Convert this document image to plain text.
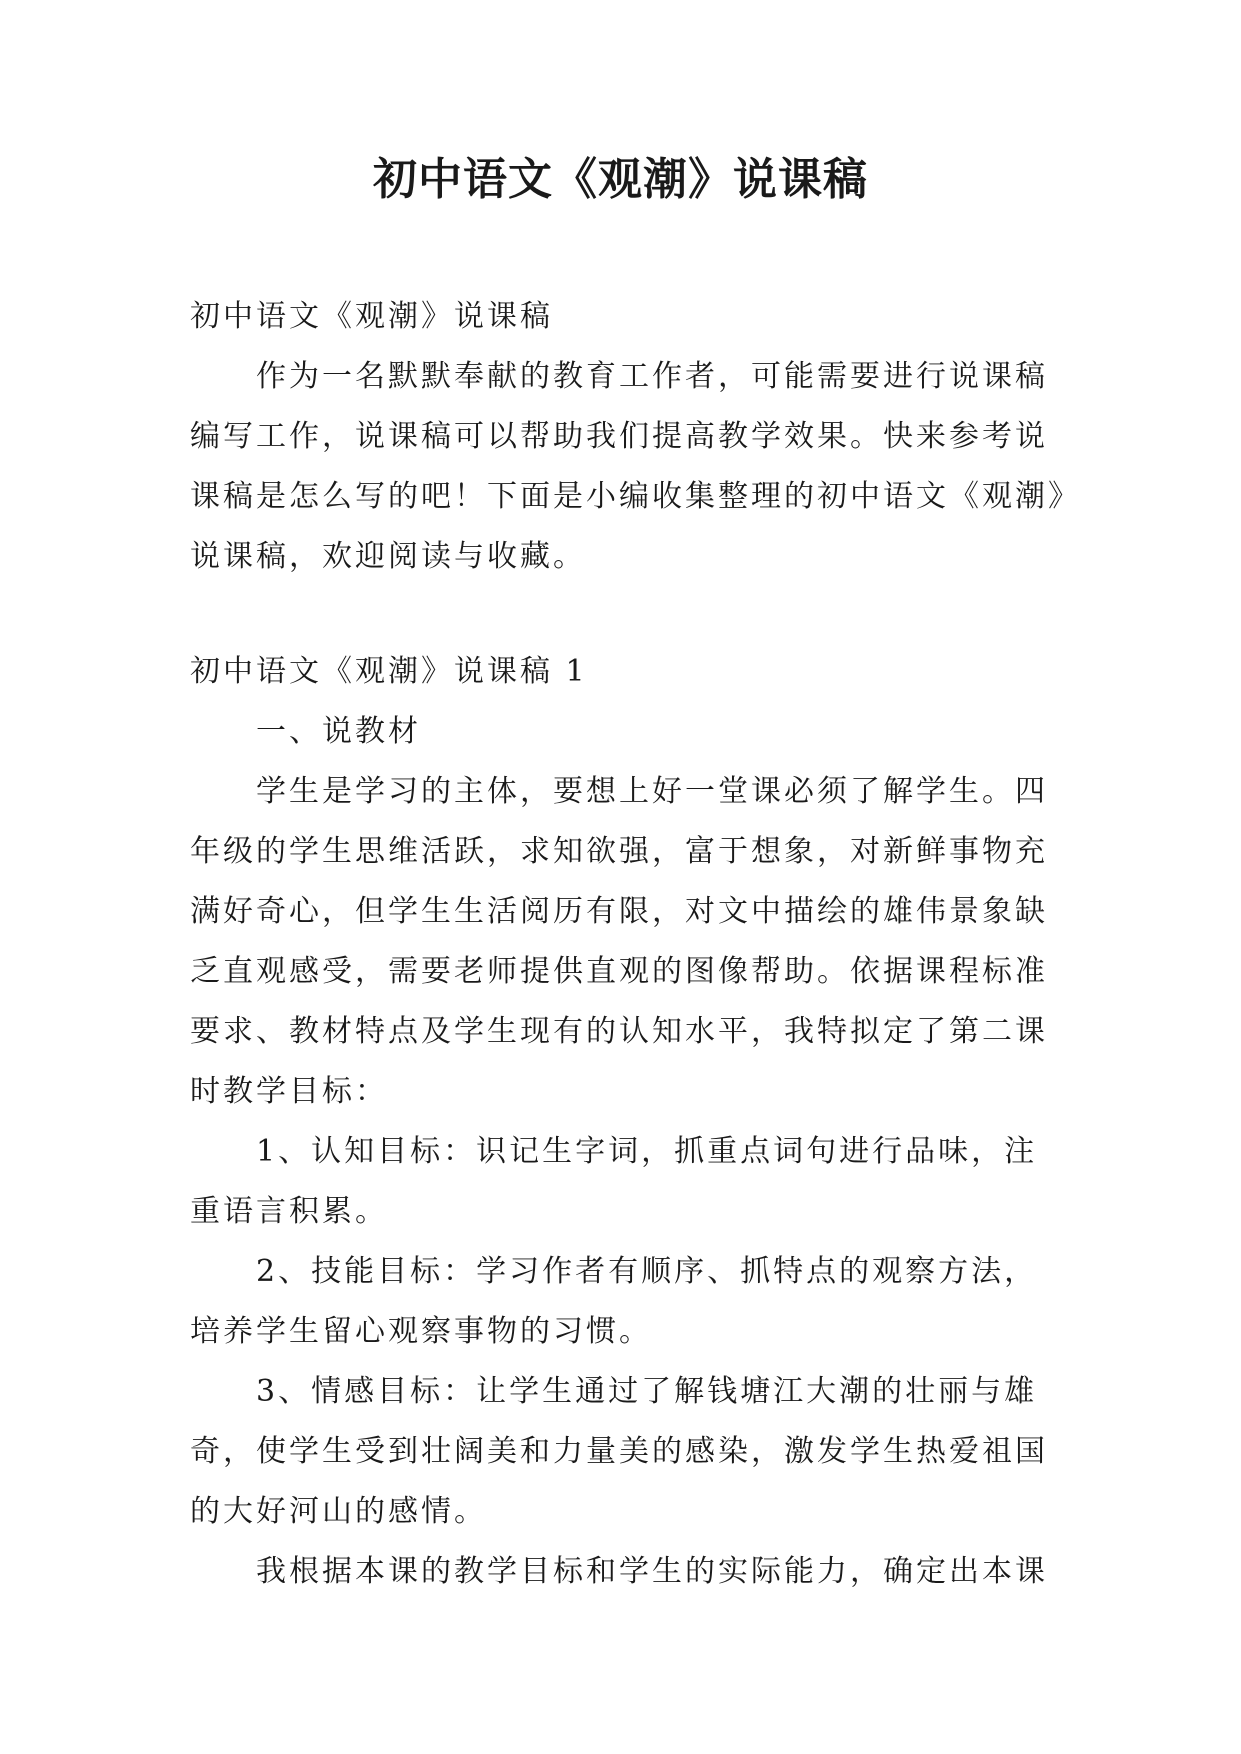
初中语文《观潮》说课稿
初中语文《观潮》说课稿
　　作为一名默默奉献的教育工作者，可能需要进行说课稿
编写工作，说课稿可以帮助我们提高教学效果。快来参考说
课稿是怎么写的吧！下面是小编收集整理的初中语文《观潮》
说课稿，欢迎阅读与收藏。
初中语文《观潮》说课稿 1
　　一、说教材
　　学生是学习的主体，要想上好一堂课必须了解学生。四
年级的学生思维活跃，求知欲强，富于想象，对新鲜事物充
满好奇心，但学生生活阅历有限，对文中描绘的雄伟景象缺
乏直观感受，需要老师提供直观的图像帮助。依据课程标准
要求、教材特点及学生现有的认知水平，我特拟定了第二课
时教学目标：
　　1、认知目标：识记生字词，抓重点词句进行品味，注
重语言积累。
　　2、技能目标：学习作者有顺序、抓特点的观察方法，
培养学生留心观察事物的习惯。
　　3、情感目标：让学生通过了解钱塘江大潮的壮丽与雄
奇，使学生受到壮阔美和力量美的感染，激发学生热爱祖国
的大好河山的感情。
　　我根据本课的教学目标和学生的实际能力，确定出本课
